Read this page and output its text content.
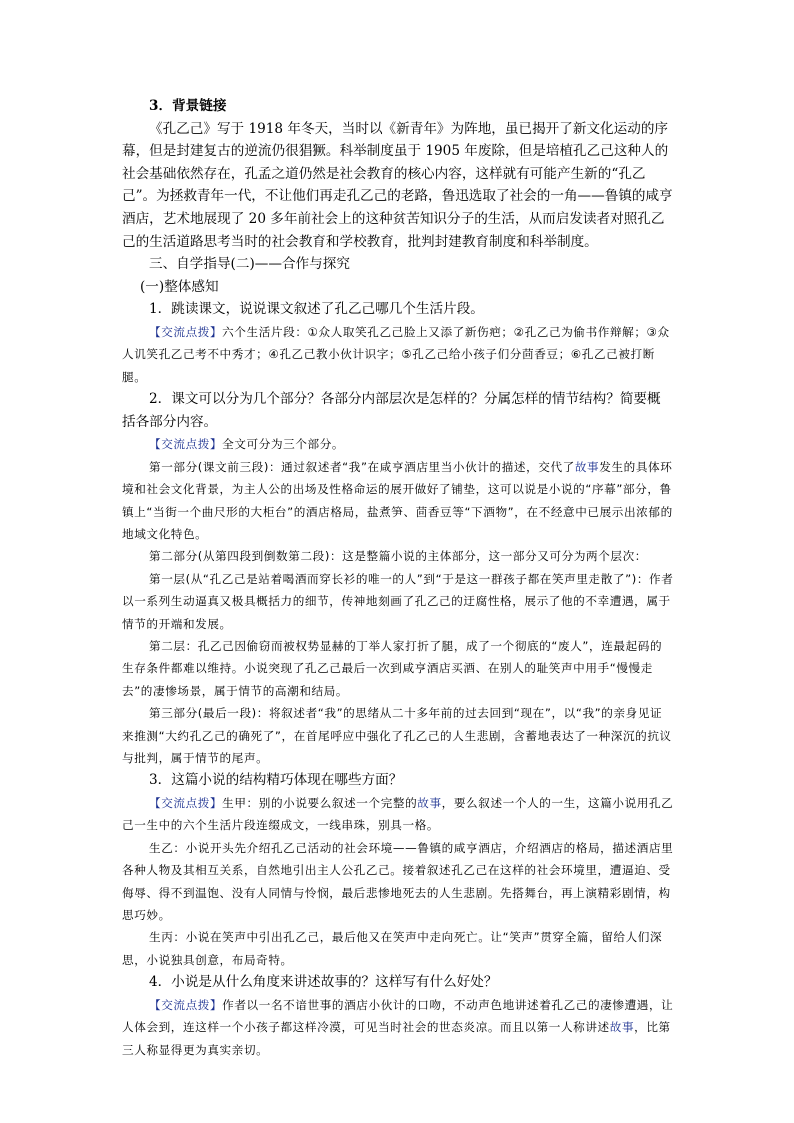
3．背景链接

《孔乙己》写于 1918 年冬天，当时以《新青年》为阵地，虽已揭开了新文化运动的序幕，但是封建复古的逆流仍很猖獗。科举制度虽于 1905 年废除，但是培植孔乙己这种人的社会基础依然存在，孔孟之道仍然是社会教育的核心内容，这样就有可能产生新的“孔乙己”。为拯救青年一代，不让他们再走孔乙己的老路，鲁迅选取了社会的一角——鲁镇的咸亨酒店，艺术地展现了 20 多年前社会上的这种贫苦知识分子的生活，从而启发读者对照孔乙己的生活道路思考当时的社会教育和学校教育，批判封建教育制度和科举制度。

三、自学指导(二)——合作与探究

(一)整体感知

1．跳读课文，说说课文叙述了孔乙己哪几个生活片段。

【交流点拨】六个生活片段：①众人取笑孔乙己脸上又添了新伤疤；②孔乙己为偷书作辩解；③众人讥笑孔乙己考不中秀才；④孔乙己教小伙计识字；⑤孔乙己给小孩子们分茴香豆；⑥孔乙己被打断腿。

2．课文可以分为几个部分？各部分内部层次是怎样的？分属怎样的情节结构？简要概括各部分内容。

【交流点拨】全文可分为三个部分。

第一部分(课文前三段)：通过叙述者“我”在咸亨酒店里当小伙计的描述，交代了故事发生的具体环境和社会文化背景，为主人公的出场及性格命运的展开做好了铺垫，这可以说是小说的“序幕”部分，鲁镇上“当街一个曲尺形的大柜台”的酒店格局，盐煮笋、茴香豆等“下酒物”，在不经意中已展示出浓郁的地域文化特色。

第二部分(从第四段到倒数第二段)：这是整篇小说的主体部分，这一部分又可分为两个层次：

第一层(从“孔乙己是站着喝酒而穿长衫的唯一的人”到“于是这一群孩子都在笑声里走散了”)：作者以一系列生动逼真又极具概括力的细节，传神地刻画了孔乙己的迂腐性格，展示了他的不幸遭遇，属于情节的开端和发展。

第二层：孔乙己因偷窃而被权势显赫的丁举人家打折了腿，成了一个彻底的“废人”，连最起码的生存条件都难以维持。小说突现了孔乙己最后一次到咸亨酒店买酒、在别人的耻笑声中用手“慢慢走去”的凄惨场景，属于情节的高潮和结局。

第三部分(最后一段)：将叙述者“我”的思绪从二十多年前的过去回到“现在”，以“我”的亲身见证来推测“大约孔乙己的确死了”，在首尾呼应中强化了孔乙己的人生悲剧，含蓄地表达了一种深沉的抗议与批判，属于情节的尾声。

3．这篇小说的结构精巧体现在哪些方面？

【交流点拨】生甲：别的小说要么叙述一个完整的故事，要么叙述一个人的一生，这篇小说用孔乙己一生中的六个生活片段连缀成文，一线串珠，别具一格。

生乙：小说开头先介绍孔乙己活动的社会环境——鲁镇的咸亨酒店，介绍酒店的格局，描述酒店里各种人物及其相互关系，自然地引出主人公孔乙己。接着叙述孔乙己在这样的社会环境里，遭逼迫、受侮辱、得不到温饱、没有人同情与怜悯，最后悲惨地死去的人生悲剧。先搭舞台，再上演精彩剧情，构思巧妙。

生丙：小说在笑声中引出孔乙己，最后他又在笑声中走向死亡。让“笑声”贯穿全篇，留给人们深思，小说独具创意，布局奇特。

4．小说是从什么角度来讲述故事的？这样写有什么好处？

【交流点拨】作者以一名不谙世事的酒店小伙计的口吻，不动声色地讲述着孔乙己的凄惨遭遇，让人体会到，连这样一个小孩子都这样冷漠，可见当时社会的世态炎凉。而且以第一人称讲述故事，比第三人称显得更为真实亲切。
